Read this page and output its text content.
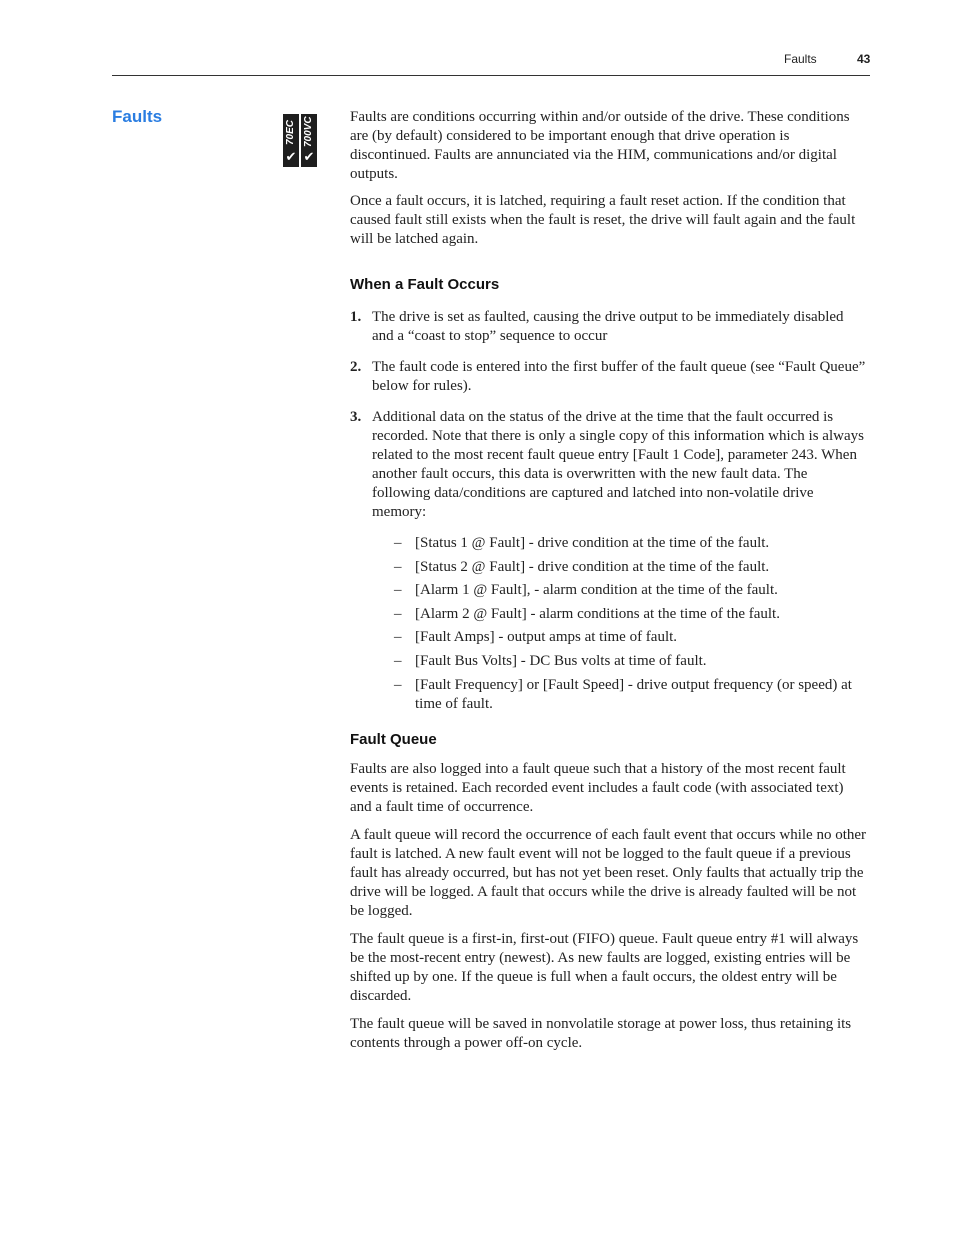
Faults	43
Faults
70EC
✔
700VC
✔

Faults are conditions occurring within and/or outside of the drive. These conditions are (by default) considered to be important enough that drive operation is discontinued. Faults are annunciated via the HIM, communications and/or digital outputs.

Once a fault occurs, it is latched, requiring a fault reset action. If the condition that caused fault still exists when the fault is reset, the drive will fault again and the fault will be latched again.

When a Fault Occurs
1. The drive is set as faulted, causing the drive output to be immediately disabled and a “coast to stop” sequence to occur
2. The fault code is entered into the first buffer of the fault queue (see “Fault Queue” below for rules).
3. Additional data on the status of the drive at the time that the fault occurred is recorded. Note that there is only a single copy of this information which is always related to the most recent fault queue entry [Fault 1 Code], parameter 243. When another fault occurs, this data is overwritten with the new fault data. The following data/conditions are captured and latched into non-volatile drive memory:
– [Status 1 @ Fault] - drive condition at the time of the fault.
– [Status 2 @ Fault] - drive condition at the time of the fault.
– [Alarm 1 @ Fault], - alarm condition at the time of the fault.
– [Alarm 2 @ Fault] - alarm conditions at the time of the fault.
– [Fault Amps] - output amps at time of fault.
– [Fault Bus Volts] - DC Bus volts at time of fault.
– [Fault Frequency] or [Fault Speed] - drive output frequency (or speed) at time of fault.
Fault Queue

Faults are also logged into a fault queue such that a history of the most recent fault events is retained. Each recorded event includes a fault code (with associated text) and a fault time of occurrence.

A fault queue will record the occurrence of each fault event that occurs while no other fault is latched. A new fault event will not be logged to the fault queue if a previous fault has already occurred, but has not yet been reset. Only faults that actually trip the drive will be logged. A fault that occurs while the drive is already faulted will be not be logged.

The fault queue is a first-in, first-out (FIFO) queue. Fault queue entry #1 will always be the most-recent entry (newest). As new faults are logged, existing entries will be shifted up by one. If the queue is full when a fault occurs, the oldest entry will be discarded.

The fault queue will be saved in nonvolatile storage at power loss, thus retaining its contents through a power off-on cycle.
